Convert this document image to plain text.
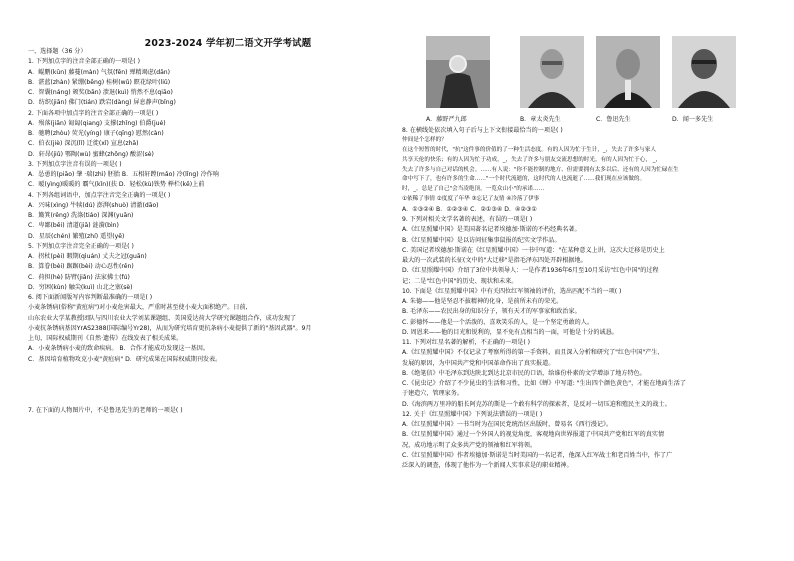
2023-2024 学年初二语文开学考试题
一、选择题（36 分）
1. 下列加点字的注音全部正确的一项是( )
A．鲲鹏(kūn) 藤蔓(màn) 气氛(fēn) 殚精竭虑(dān)
B．湛蓝(zhàn) 紧绷(bēng) 桂树(wǔ) 瞑花绿叶(liǔ)
C．智囊(náng) 颁奖(bān) 溃退(kuì) 悄然不息(qiāo)
D．纺织(jiān) 佛门(tián) 跌宕(dàng) 屏息静声(bǐng)
2. 下面各项中加点字的注音全部正确的一项是( )
A．殒落(jiān) 匍匐(qiang) 支撑(zhǐng) 伯爵(jué)
B．驰聘(zhòu) 荧光(yíng) 康子(qīng) 慰然(càn)
C．伯衣(jiè) 深沉(lǐ) 迁徙(xǐ) 宣息(zhā)
D．轩昂(jiǔ) 鄂陶(wù) 蜜蜂(zhōng) 酸涩(sè)
3. 下列加点字注音有误的一项是( )
A．怂恿的(piāo) 肇 ·瑞(zhì) 胚胎 B．五相轩蹚(mǎo) 冷(lǐng) 冷作响
C．暧(yìng)暖暖的 霸气(kǐn)(扶 D．轻松(kù)铁势 榉栏(kē)上前
4. 下列各组词语中，加点字注音完全正确的一项是( )
A．兴味(xìng) 牛犊(dú) 澎湃(shuò) 清澈(dāo)
B．簸箕(rěng) 洗涤(tiáo) 深渊(yuān)
C．卑鄙(bēi) 清道(jiā) 涟漪(bìn)
D．星辰(chén) 繁殖(zhí) 遥望(yē)
5. 下列加点字注音完全正确的一项是( )
A．拐杖(pèi) 暇期(qìuán) 丈夫之冠(guān)
B．算眷(bèi) 踞踞(bèi) 动心忍性(rěn)
C．荷担(hè) 防臂(jiǎn) 法家拂士(fú)
D．穷困(kùn) 触尖(kuì) 山北之塞(sè)
6. 阅下面新闻版写内容判断最准确的一项是( )
小麦条锈病(俗称"黄疸病")对小麦危害最大，严重时甚至使小麦大面积绝产。日前,
山东农业大学某教授团队与四川农业大学刘某课题组、美国爱达荷大学研究课题组合作，成功发现了
小麦抗条锈病基因YrAS2388(国际编号Yr28)，从而为研究培育更抗条病小麦提供了新的"基因武器"。9月
上旬，国际权威期刊《自然·遗传》在线发表了相关成果。
A．小麦条锈病小麦的致命疾病。 B．合作才能成功发现这一基因。
C．基因培育植物攻克小麦"黄疸病" D．研究成果在国际权威期刊发表。
7. 在下面的人物图片中，不是鲁迅先生的老师的一项是( )
A．藤野严九郎	B．章太炎先生	C．鲁迅先生	D．闻一多先生
8. 在横线处依次填入句子后与上下文衔接最恰当的一项是( )
仲间是个怎样的？
在这个短暂的时代，"抗"这件事的价值的了一种生活态度。有的人因为忙于生计，_，失去了许多与家人
共享天伦的快乐；有的人因为忙于功成，_，失去了许多与朋友交流思想的时光。有的人因为忙于心， _，
失去了许多与自己对话的机会。……有人说："你不能控制的地方、但需要拥有太多以后、还有的人因为忙碌在生
命中写下了，也有许多的生命……"一个时代流逝的，这时代的人也流逝了……我们现在应该做的。
时，_。总是了自己"会当凌绝顶，一览众山小"的承诺……
①依稀了事情 ②度度了年华 ③忘记了友情 ④冷落了伊事
A．①③②④ B．①②③④ C．②①③④ D．④②③①
9. 下列对相关文学名著的表述，有误的一项是( )
A.《红星照耀中国》是美国著名记者埃德加·斯诺的不朽经典名著。
B.《红星照耀中国》是以访问征集事鼠报的纪实文学作品。
C. 美国记者埃德加·斯诺在《红星照耀中国》一书中写道："在某种意义上讲，这次大迁移是历史上
最大的一次武装的长征(文中的"大迁移"是指毛泽东四处开辟根据地。
D.《红星照耀中国》介绍了3位中共领导人：一是作者1936年6月至10月采访"红色中国"的过程
记；二是"红色中国"的历史、现状和未来。
10. 下面是《红星照耀中国》中有关四位红军领袖的评价，选出匹配不当的一项( )
A. 朱德——他是坚忍不拔精神的化身，是前所未有的荣光。
B. 毛泽东——农民出身的知识分子，领有天才的军事家和政治家。
C. 彭德怀——他是一个活泼的、喜欢笑乐的人，是一个坚定勇敢的人。
D. 周恩来——他的目光和锐利的，显不免有点相当的一面，可他是十分的诚恳。
11. 下列对红星名著的解析，不正确的一项是( )
A.《红星照耀中国》不仅记录了考察所得的第一手资料，而且深入分析和研究了"红色中国"产生、
发展的原因，为中国共产党和中国革命作出了真实报道。
B.《绝笔信》中毛泽东到达陕北到达北京市民的口语，给谁份朴素的文学增添了地方特色。
C.《昆虫记》介绍了不少昆虫的生活和习性，比如《蝉》中写道: "生出四个颜色黄色"，才能在地面生活了
于建造穴，管理家务。
D.《海滨两万里冲的船长阿克苏的斯是一个敢有科学的探索者，是反对一切压迫和殖民主义的战士。
12. 关于《红星照耀中国》下列说法错误的一项是( )
A.《红星照耀中国》一书当时为在国民党统治区出版时，曾易名《西行漫记》。
B.《红星照耀中国》通过一个外国人的视觉角度，客观地向世界报道了中国共产党和红军的真实情
况，成功地示明了众多共产党的领袖和红军将领。
C.《红星照耀中国》作者埃德加·斯诺是当时美国的一名记者，他深入红军战士和老百姓当中，作了广
泛深入的调查，体现了他作为一个新闻人实事求是的职业精神。
